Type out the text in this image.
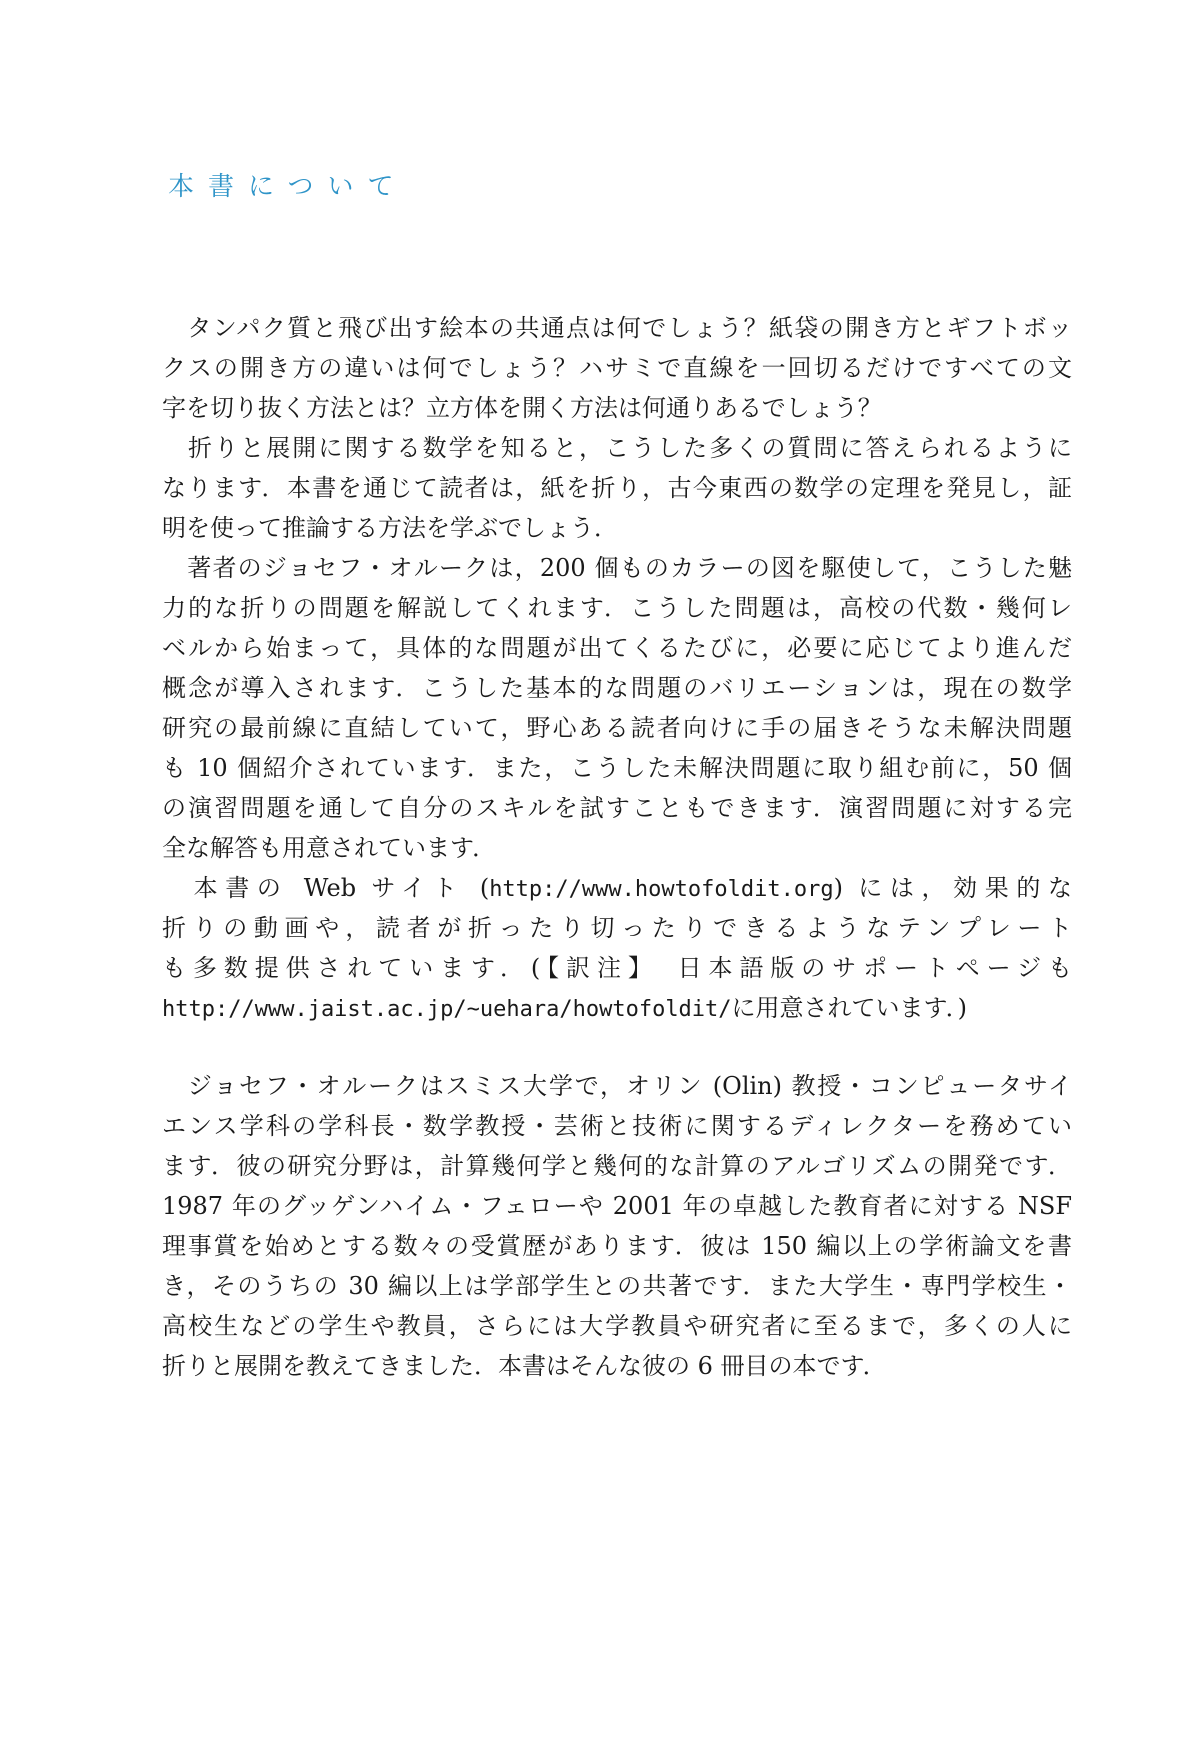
本書について
　タンパク質と飛び出す絵本の共通点は何でしょう？紙袋の開き方とギフトボッ
クスの開き方の違いは何でしょう？ハサミで直線を一回切るだけですべての文
字を切り抜く方法とは？立方体を開く方法は何通りあるでしょう？
　折りと展開に関する数学を知ると，こうした多くの質問に答えられるように
なります．本書を通じて読者は，紙を折り，古今東西の数学の定理を発見し，証
明を使って推論する方法を学ぶでしょう．
　著者のジョセフ・オルークは，200 個ものカラーの図を駆使して，こうした魅
力的な折りの問題を解説してくれます．こうした問題は，高校の代数・幾何レ
ベルから始まって，具体的な問題が出てくるたびに，必要に応じてより進んだ
概念が導入されます．こうした基本的な問題のバリエーションは，現在の数学
研究の最前線に直結していて，野心ある読者向けに手の届きそうな未解決問題
も 10 個紹介されています．また，こうした未解決問題に取り組む前に，50 個
の演習問題を通して自分のスキルを試すこともできます．演習問題に対する完
全な解答も用意されています．
　本書の Web サイト (http://www.howtofoldit.org) には，効果的な
折りの動画や，読者が折ったり切ったりできるようなテンプレート
も多数提供されています．(【訳注】　日本語版のサポートページも
http://www.jaist.ac.jp/~uehara/howtofoldit/に用意されています．)
　ジョセフ・オルークはスミス大学で，オリン (Olin) 教授・コンピュータサイ
エンス学科の学科長・数学教授・芸術と技術に関するディレクターを務めてい
ます．彼の研究分野は，計算幾何学と幾何的な計算のアルゴリズムの開発です．
1987 年のグッゲンハイム・フェローや 2001 年の卓越した教育者に対する NSF
理事賞を始めとする数々の受賞歴があります．彼は 150 編以上の学術論文を書
き，そのうちの 30 編以上は学部学生との共著です．また大学生・専門学校生・
高校生などの学生や教員，さらには大学教員や研究者に至るまで，多くの人に
折りと展開を教えてきました．本書はそんな彼の 6 冊目の本です．
